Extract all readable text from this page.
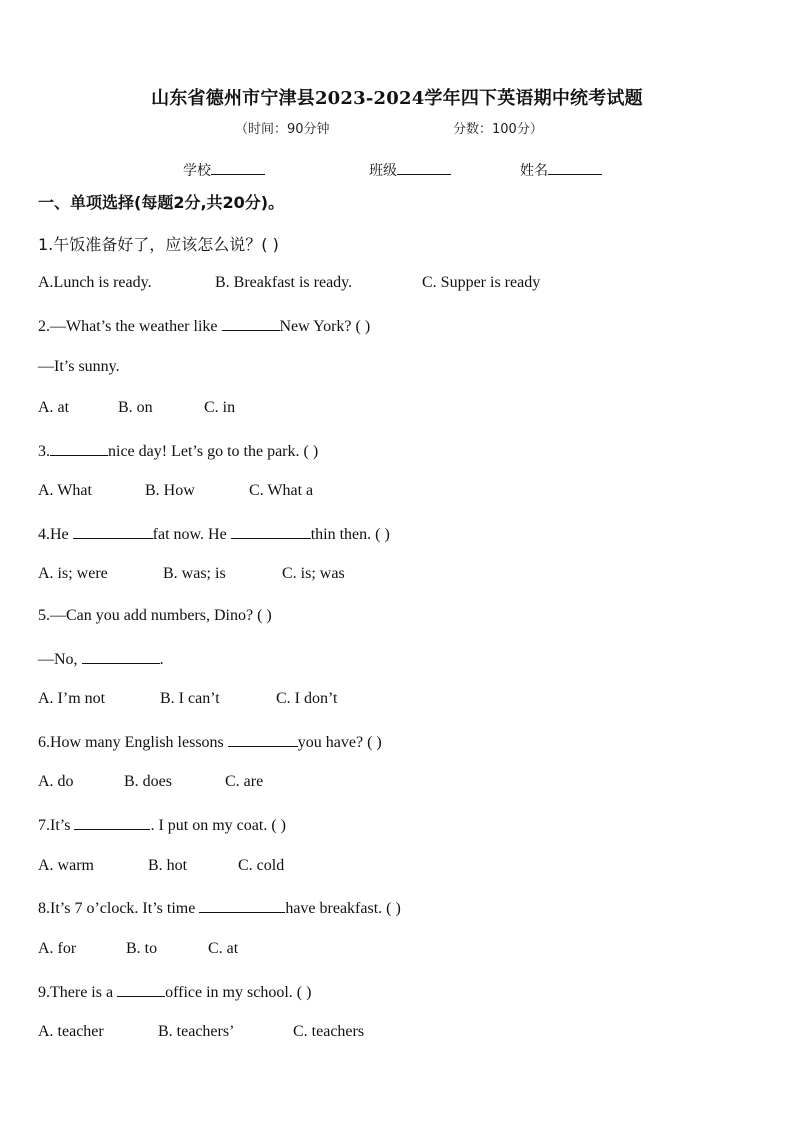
山东省德州市宁津县2023-2024学年四下英语期中统考试题
（时间：90分钟	分数：100分）
学校	班级	姓名
一、单项选择(每题2分,共20分)。
1.午饭准备好了，应该怎么说？( )
A.Lunch is ready.	B. Breakfast is ready.	C. Supper is ready
2.—What’s the weather like	New York? ( )
—It’s sunny.
A. at	B. on	C. in
3.	nice day! Let’s go to the park. ( )
A. What	B. How	C. What a
4.He	fat now. He	thin then. ( )
A. is; were	B. was; is	C. is; was
5.—Can you add numbers, Dino? ( )
—No,	.
A. I’m not	B. I can’t	C. I don’t
6.How many English lessons	you have? ( )
A. do	B. does	C. are
7.It’s	. I put on my coat. ( )
A. warm	B. hot	C. cold
8.It’s 7 o’clock. It’s time	have breakfast. ( )
A. for	B. to	C. at
9.There is a	office in my school. ( )
A. teacher	B. teachers’	C. teachers
